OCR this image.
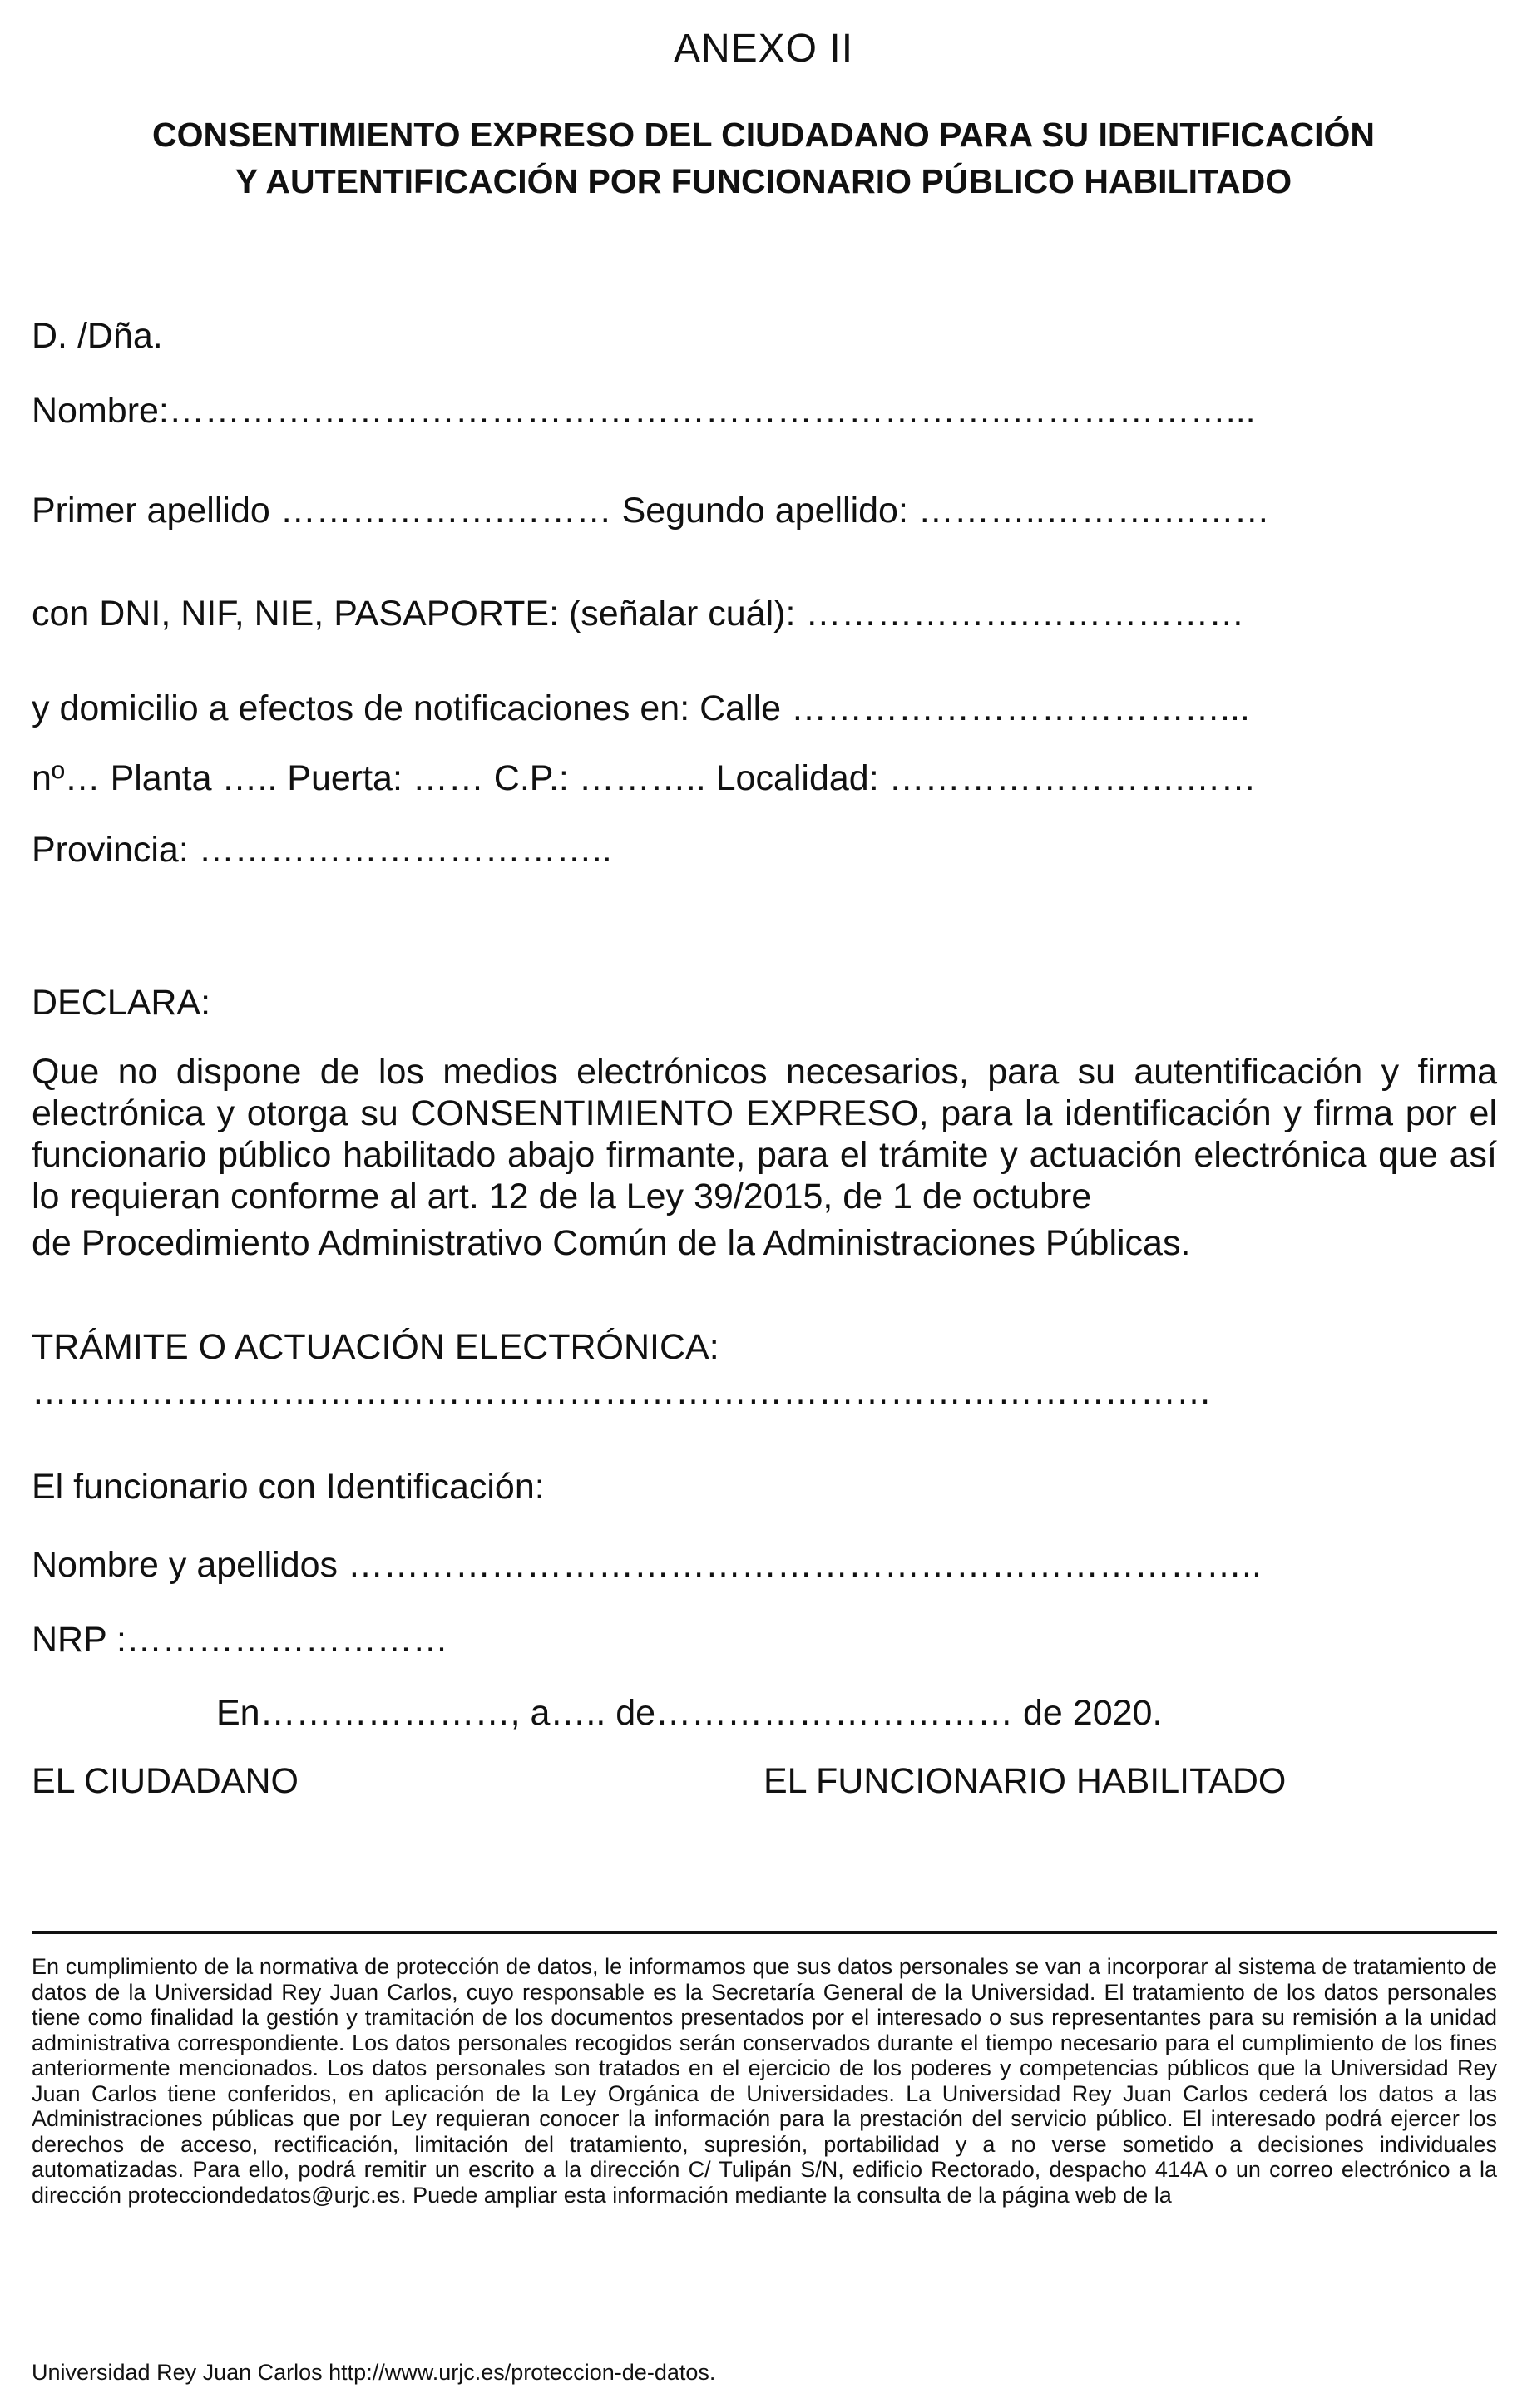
ANEXO II
CONSENTIMIENTO EXPRESO DEL CIUDADANO PARA SU IDENTIFICACIÓN
Y AUTENTIFICACIÓN POR FUNCIONARIO PÚBLICO HABILITADO
D. /Dña.
Nombre:……………………………………………………………..………………...
Primer apellido ……………….……… Segundo apellido: ………..……….………
con DNI, NIF, NIE, PASAPORTE: (señalar cuál): ……………….………………
y domicilio a efectos de notificaciones en: Calle ………………………………...
nº… Planta ….. Puerta: …… C.P.: ……….. Localidad: …………………….……
Provincia: ……………………………..
DECLARA:
Que no dispone de los medios electrónicos necesarios, para su autentificación y firma electrónica y otorga su CONSENTIMIENTO EXPRESO, para la identificación y firma por el funcionario público habilitado abajo firmante, para el trámite y actuación electrónica que así lo requieran conforme al art. 12 de la Ley 39/2015, de 1 de octubre
de Procedimiento Administrativo Común de la Administraciones Públicas.
TRÁMITE O ACTUACIÓN ELECTRÓNICA:
………………………………………………………………………………………
El funcionario con Identificación:
Nombre y apellidos …………………………………………………………………..
NRP :………………………
En…………………, a….. de………………………… de 2020.
EL CIUDADANO	EL FUNCIONARIO HABILITADO
En cumplimiento de la normativa de protección de datos, le informamos que sus datos personales se van a incorporar al sistema de tratamiento de datos de la Universidad Rey Juan Carlos, cuyo responsable es la Secretaría General de la Universidad. El tratamiento de los datos personales tiene como finalidad la gestión y tramitación de los documentos presentados por el interesado o sus representantes para su remisión a la unidad administrativa correspondiente. Los datos personales recogidos serán conservados durante el tiempo necesario para el cumplimiento de los fines anteriormente mencionados. Los datos personales son tratados en el ejercicio de los poderes y competencias públicos que la Universidad Rey Juan Carlos tiene conferidos, en aplicación de la Ley Orgánica de Universidades. La Universidad Rey Juan Carlos cederá los datos a las Administraciones públicas que por Ley requieran conocer la información para la prestación del servicio público. El interesado podrá ejercer los derechos de acceso, rectificación, limitación del tratamiento, supresión, portabilidad y a no verse sometido a decisiones individuales automatizadas. Para ello, podrá remitir un escrito a la dirección C/ Tulipán S/N, edificio Rectorado, despacho 414A o un correo electrónico a la dirección protecciondedatos@urjc.es. Puede ampliar esta información mediante la consulta de la página web de la
Universidad Rey Juan Carlos http://www.urjc.es/proteccion-de-datos.
